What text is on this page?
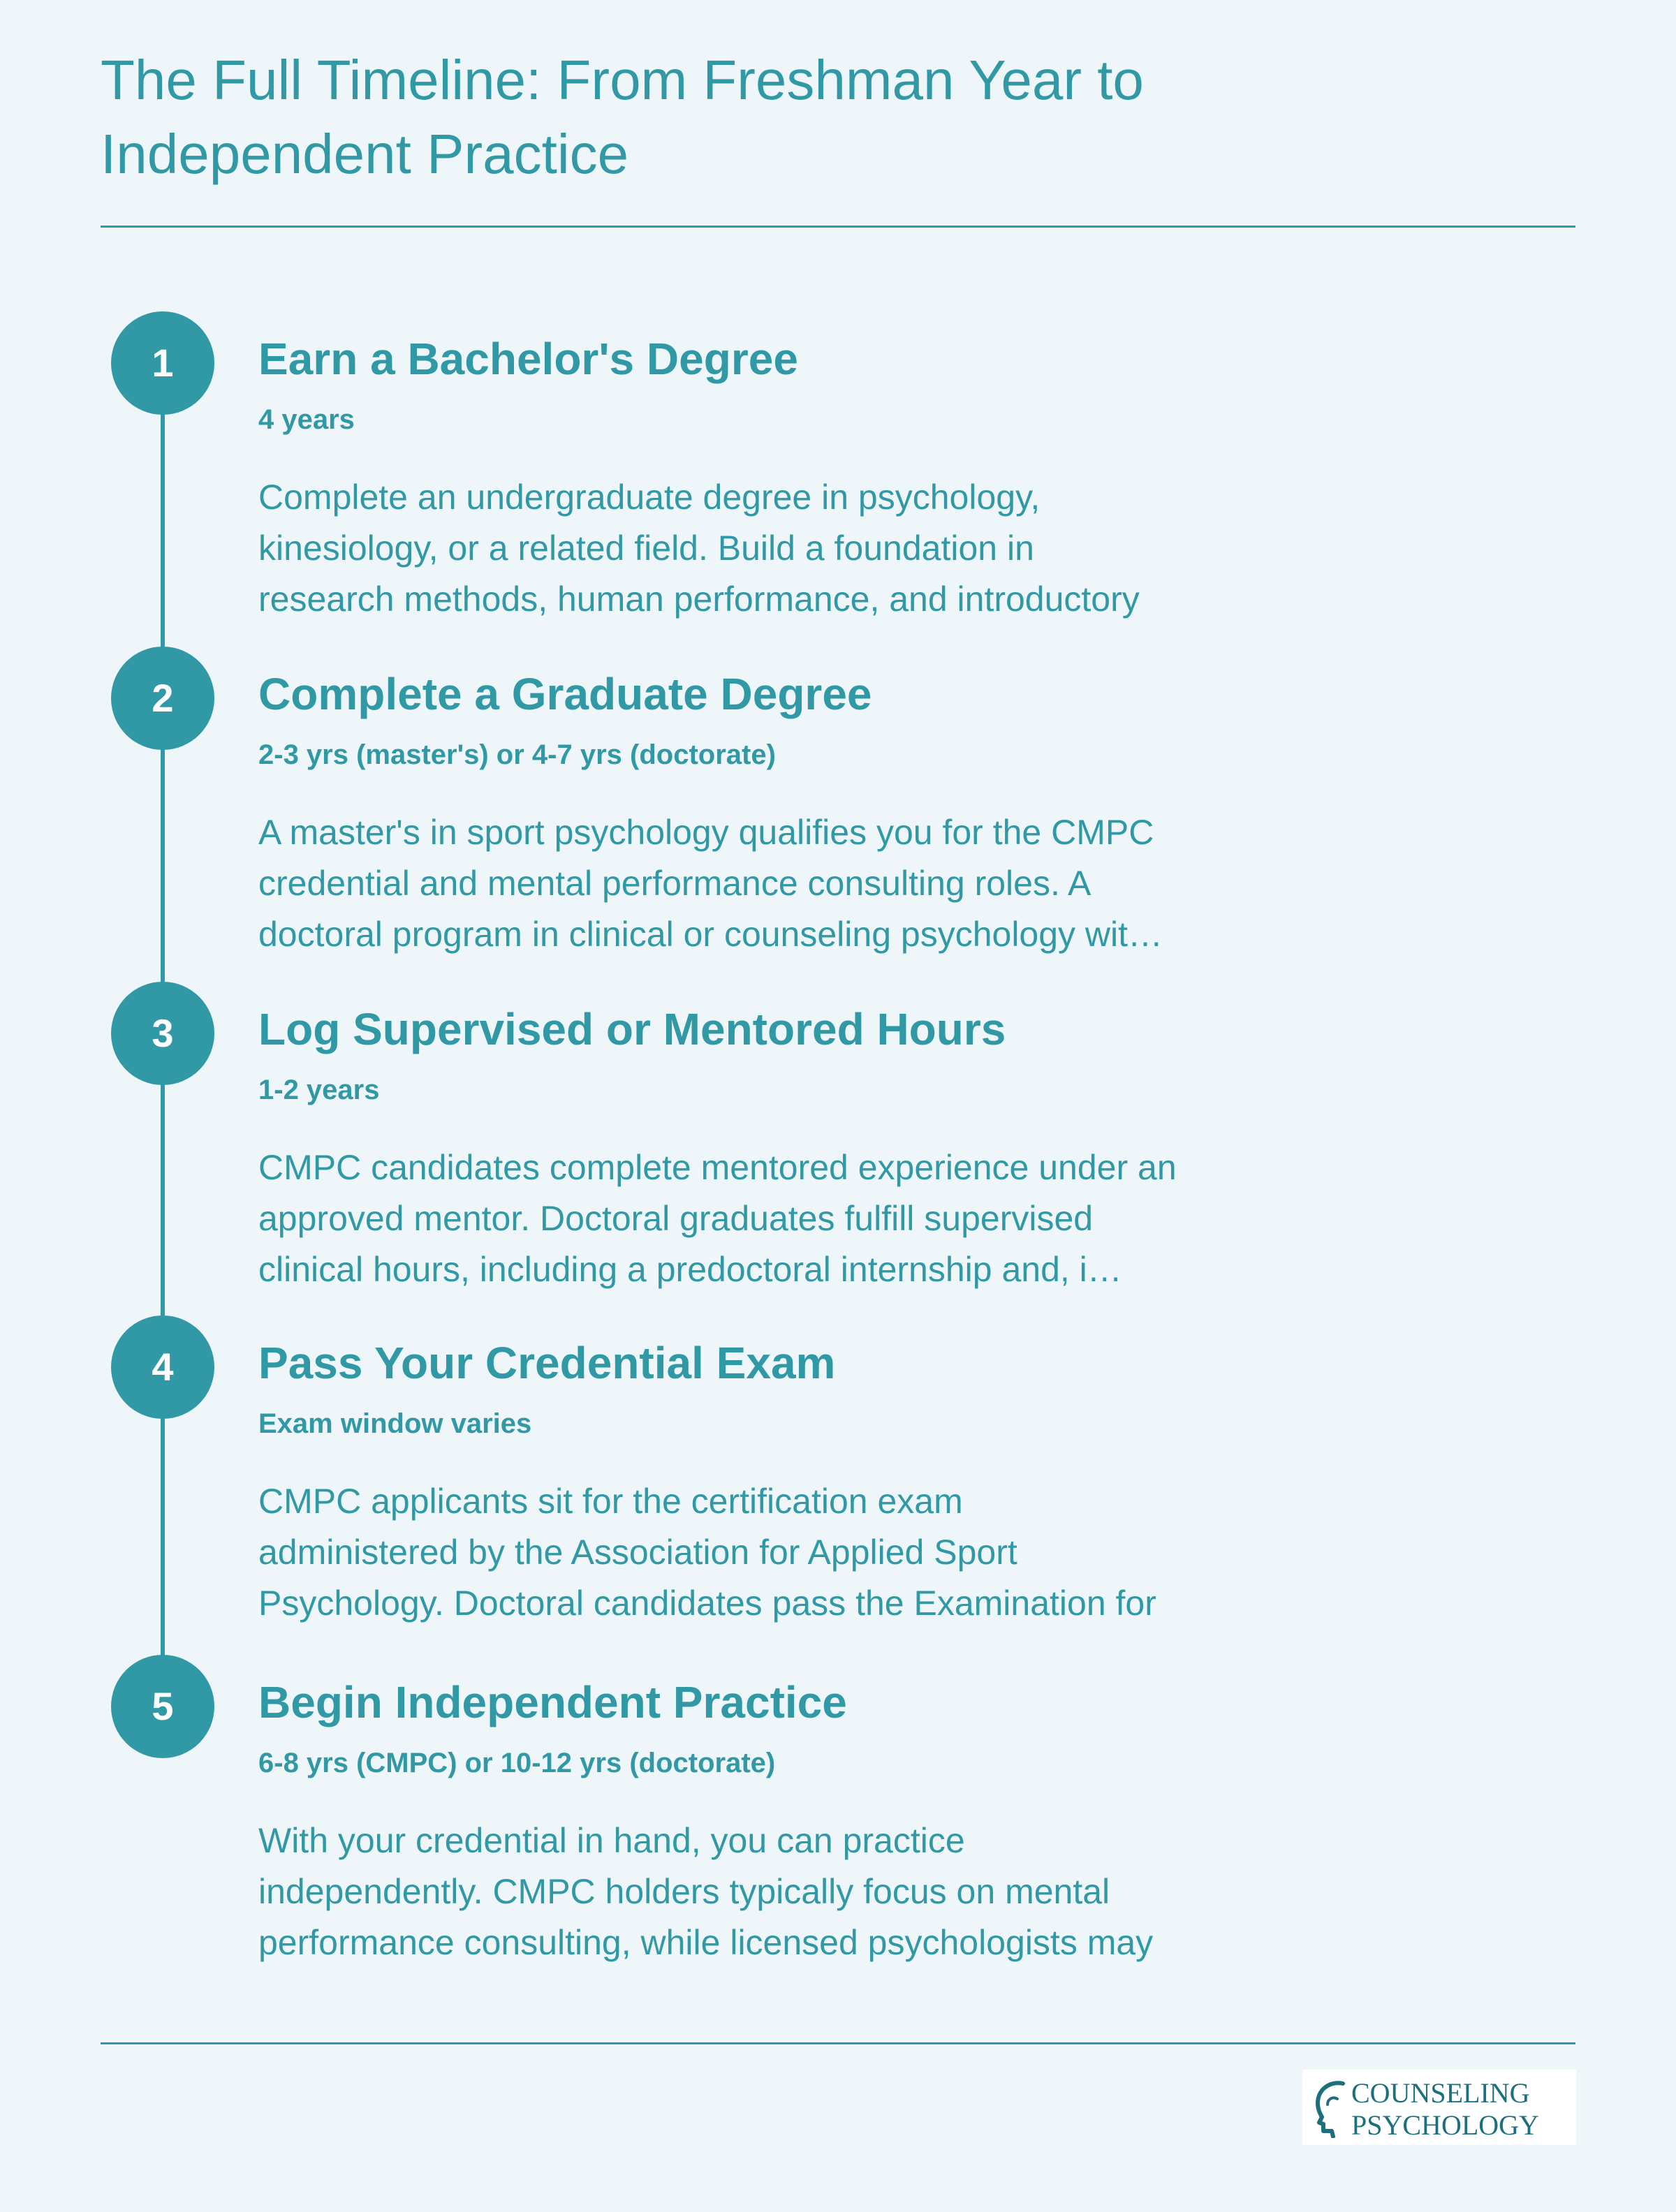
The Full Timeline: From Freshman Year to Independent Practice
1	Earn a Bachelor's Degree
4 years
Complete an undergraduate degree in psychology,
kinesiology, or a related field. Build a foundation in
research methods, human performance, and introductory
2	Complete a Graduate Degree
2-3 yrs (master's) or 4-7 yrs (doctorate)
A master's in sport psychology qualifies you for the CMPC
credential and mental performance consulting roles. A
doctoral program in clinical or counseling psychology wit…
3	Log Supervised or Mentored Hours
1-2 years
CMPC candidates complete mentored experience under an
approved mentor. Doctoral graduates fulfill supervised
clinical hours, including a predoctoral internship and, i…
4	Pass Your Credential Exam
Exam window varies
CMPC applicants sit for the certification exam
administered by the Association for Applied Sport
Psychology. Doctoral candidates pass the Examination for
5	Begin Independent Practice
6-8 yrs (CMPC) or 10-12 yrs (doctorate)
With your credential in hand, you can practice
independently. CMPC holders typically focus on mental
performance consulting, while licensed psychologists may
COUNSELING
PSYCHOLOGY
